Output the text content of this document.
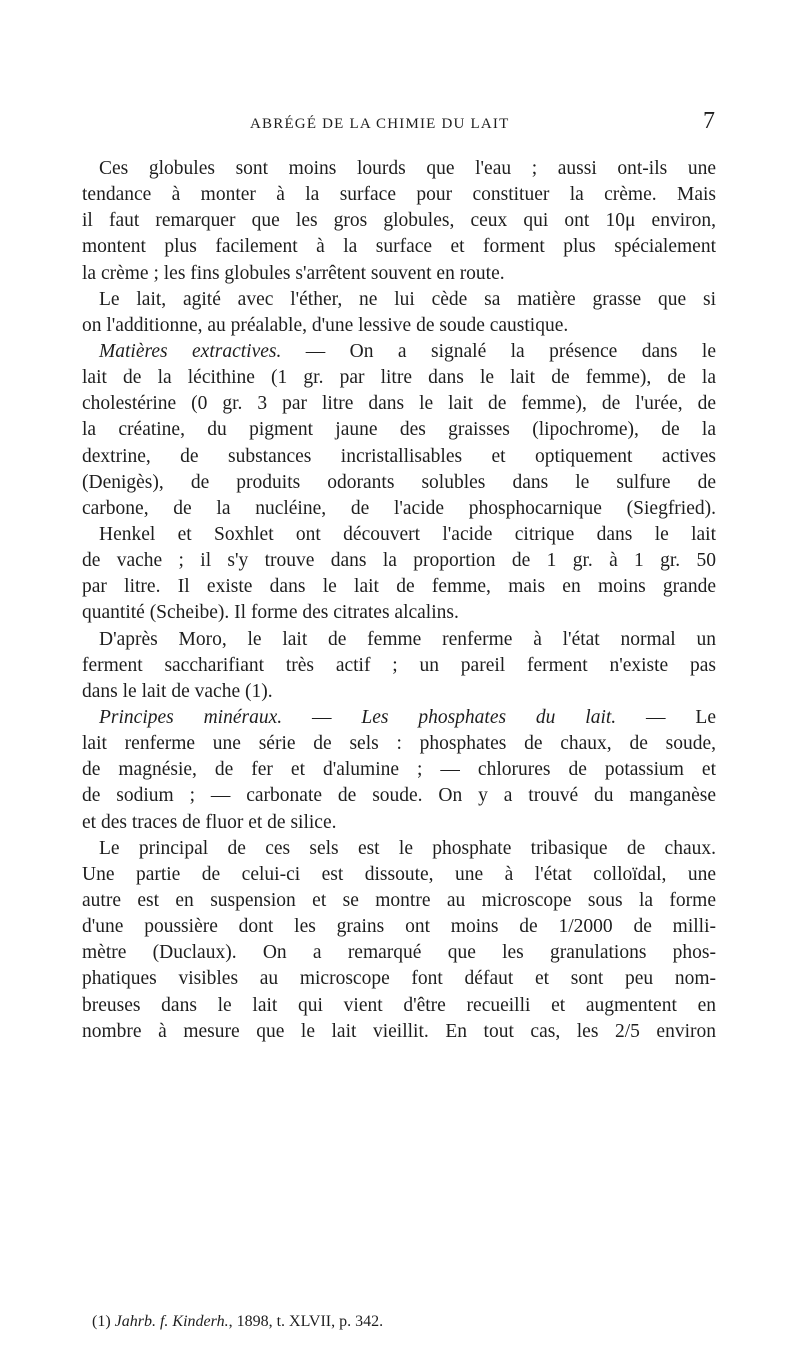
ABRÉGÉ DE LA CHIMIE DU LAIT	7
Ces globules sont moins lourds que l'eau ; aussi ont-ils une
tendance à monter à la surface pour constituer la crème. Mais
il faut remarquer que les gros globules, ceux qui ont 10μ environ,
montent plus facilement à la surface et forment plus spécialement
la crème ; les fins globules s'arrêtent souvent en route.
Le lait, agité avec l'éther, ne lui cède sa matière grasse que si
on l'additionne, au préalable, d'une lessive de soude caustique.
Matières extractives. — On a signalé la présence dans le
lait de la lécithine (1 gr. par litre dans le lait de femme), de la
cholestérine (0 gr. 3 par litre dans le lait de femme), de l'urée, de
la créatine, du pigment jaune des graisses (lipochrome), de la
dextrine, de substances incristallisables et optiquement actives
(Denigès), de produits odorants solubles dans le sulfure de
carbone, de la nucléine, de l'acide phosphocarnique (Siegfried).
Henkel et Soxhlet ont découvert l'acide citrique dans le lait
de vache ; il s'y trouve dans la proportion de 1 gr. à 1 gr. 50
par litre. Il existe dans le lait de femme, mais en moins grande
quantité (Scheibe). Il forme des citrates alcalins.
D'après Moro, le lait de femme renferme à l'état normal un
ferment saccharifiant très actif ; un pareil ferment n'existe pas
dans le lait de vache (1).
Principes minéraux. — Les phosphates du lait. — Le
lait renferme une série de sels : phosphates de chaux, de soude,
de magnésie, de fer et d'alumine ; — chlorures de potassium et
de sodium ; — carbonate de soude. On y a trouvé du manganèse
et des traces de fluor et de silice.
Le principal de ces sels est le phosphate tribasique de chaux.
Une partie de celui-ci est dissoute, une à l'état colloïdal, une
autre est en suspension et se montre au microscope sous la forme
d'une poussière dont les grains ont moins de 1/2000 de milli-
mètre (Duclaux). On a remarqué que les granulations phos-
phatiques visibles au microscope font défaut et sont peu nom-
breuses dans le lait qui vient d'être recueilli et augmentent en
nombre à mesure que le lait vieillit. En tout cas, les 2/5 environ
(1) Jahrb. f. Kinderh., 1898, t. XLVII, p. 342.
